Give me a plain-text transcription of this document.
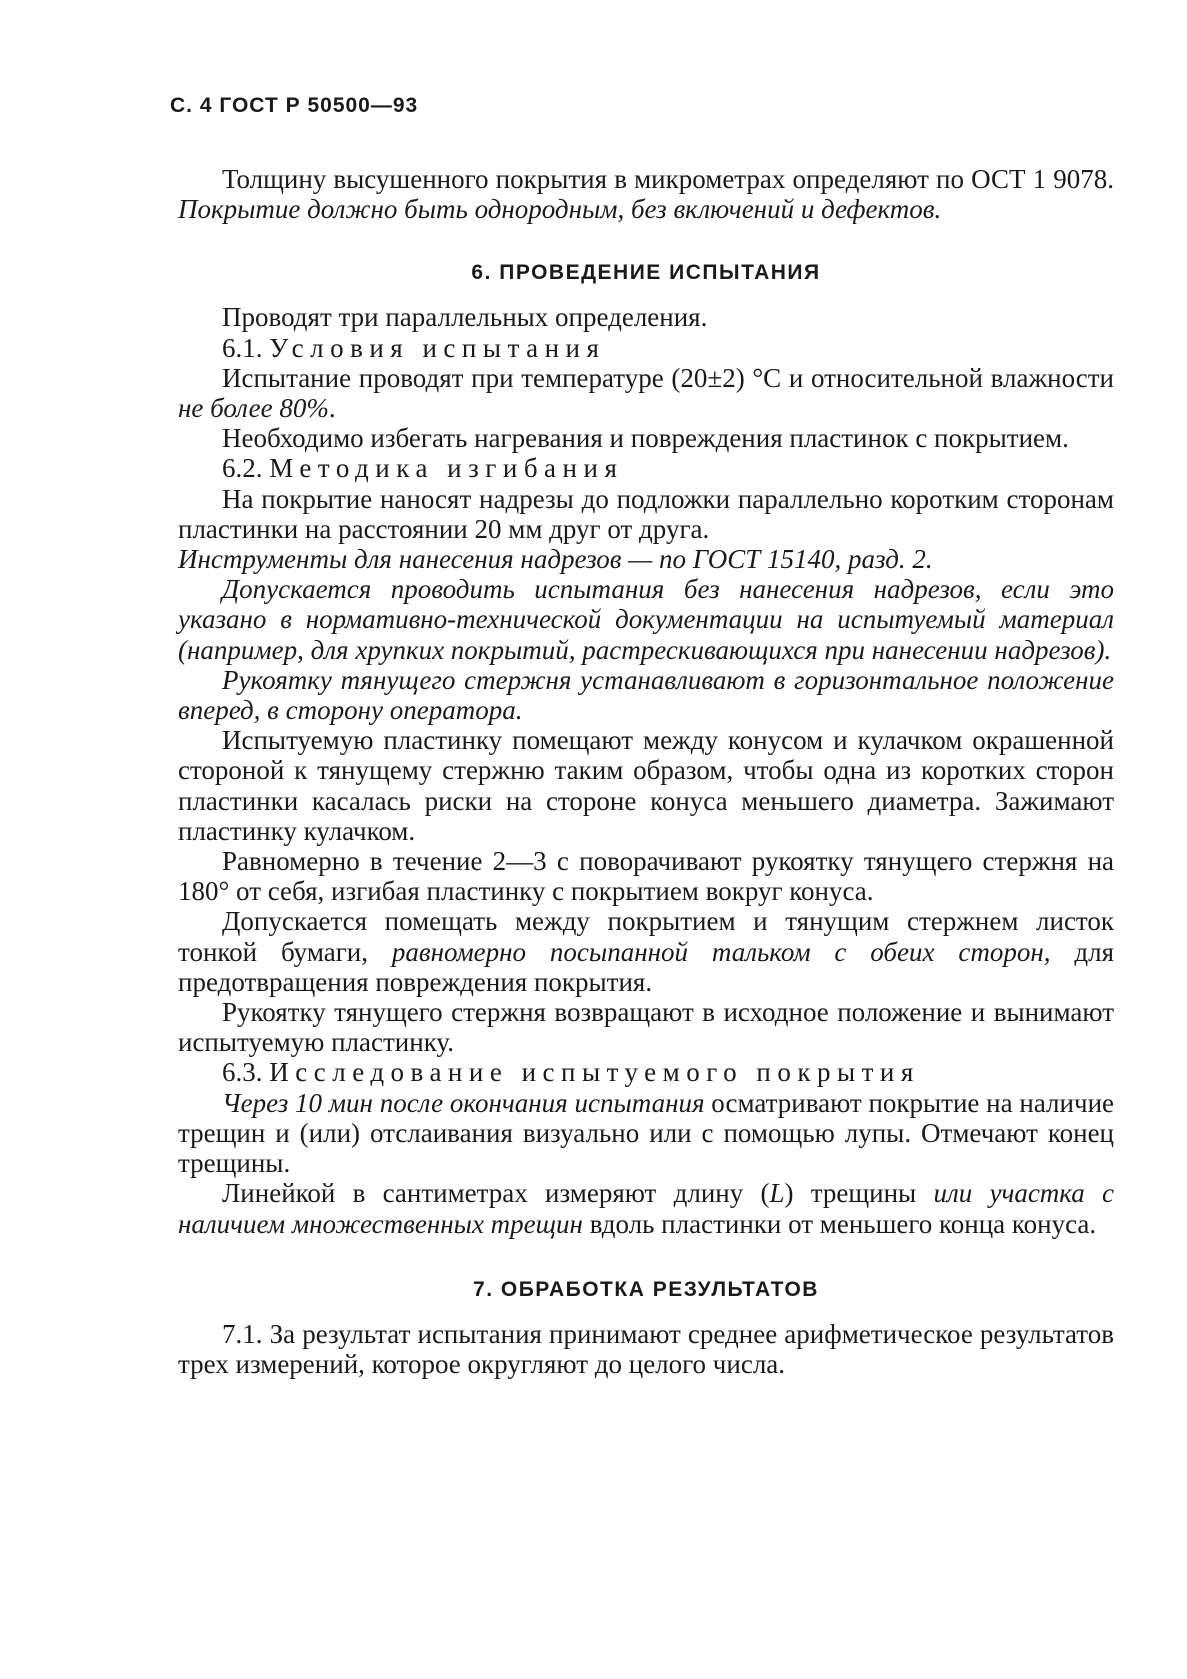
С. 4 ГОСТ Р 50500—93

Толщину высушенного покрытия в микрометрах определяют по ОСТ 1 9078. Покрытие должно быть однородным, без включений и дефектов.

6. ПРОВЕДЕНИЕ ИСПЫТАНИЯ

Проводят три параллельных определения.

6.1. Условия испытания

Испытание проводят при температуре (20±2) °С и относительной влажности не более 80%.

Необходимо избегать нагревания и повреждения пластинок с покрытием.

6.2. Методика изгибания

На покрытие наносят надрезы до подложки параллельно коротким сторонам пластинки на расстоянии 20 мм друг от друга.

Инструменты для нанесения надрезов — по ГОСТ 15140, разд. 2.

Допускается проводить испытания без нанесения надрезов, если это указано в нормативно-технической документации на испытуемый материал (например, для хрупких покрытий, растрескивающихся при нанесении надрезов).

Рукоятку тянущего стержня устанавливают в горизонтальное положение вперед, в сторону оператора.

Испытуемую пластинку помещают между конусом и кулачком окрашенной стороной к тянущему стержню таким образом, чтобы одна из коротких сторон пластинки касалась риски на стороне конуса меньшего диаметра. Зажимают пластинку кулачком.

Равномерно в течение 2—3 с поворачивают рукоятку тянущего стержня на 180° от себя, изгибая пластинку с покрытием вокруг конуса.

Допускается помещать между покрытием и тянущим стержнем листок тонкой бумаги, равномерно посыпанной тальком с обеих сторон, для предотвращения повреждения покрытия.

Рукоятку тянущего стержня возвращают в исходное положение и вынимают испытуемую пластинку.

6.3. Исследование испытуемого покрытия

Через 10 мин после окончания испытания осматривают покрытие на наличие трещин и (или) отслаивания визуально или с помощью лупы. Отмечают конец трещины.

Линейкой в сантиметрах измеряют длину (L) трещины или участка с наличием множественных трещин вдоль пластинки от меньшего конца конуса.

7. ОБРАБОТКА РЕЗУЛЬТАТОВ

7.1. За результат испытания принимают среднее арифметическое результатов трех измерений, которое округляют до целого числа.
